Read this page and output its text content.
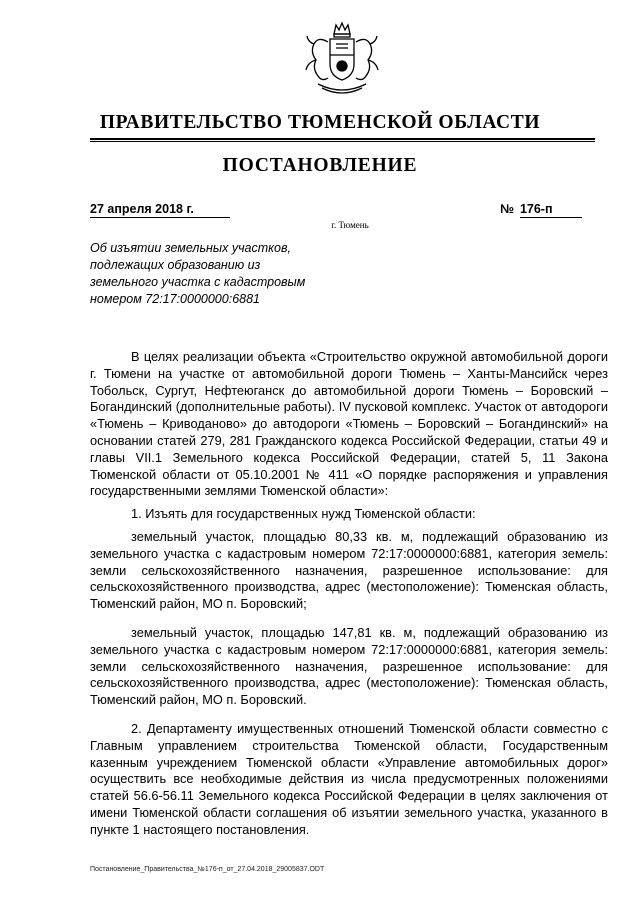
ПРАВИТЕЛЬСТВО ТЮМЕНСКОЙ ОБЛАСТИ
ПОСТАНОВЛЕНИЕ
27 апреля 2018 г.	№ 176-п
г. Тюмень
Об изъятии земельных участков,
подлежащих образованию из
земельного участка с кадастровым
номером 72:17:0000000:6881

В целях реализации объекта «Строительство окружной автомобильной дороги г. Тюмени на участке от автомобильной дороги Тюмень – Ханты-Мансийск через Тобольск, Сургут, Нефтеюганск до автомобильной дороги Тюмень – Боровский – Богандинский (дополнительные работы). IV пусковой комплекс. Участок от автодороги «Тюмень – Криводаново» до автодороги «Тюмень – Боровский – Богандинский» на основании статей 279, 281 Гражданского кодекса Российской Федерации, статьи 49 и главы VII.1 Земельного кодекса Российской Федерации, статей 5, 11 Закона Тюменской области от 05.10.2001 № 411 «О порядке распоряжения и управления государственными землями Тюменской области»:

1. Изъять для государственных нужд Тюменской области:

земельный участок, площадью 80,33 кв. м, подлежащий образованию из земельного участка с кадастровым номером 72:17:0000000:6881, категория земель: земли сельскохозяйственного назначения, разрешенное использование: для сельскохозяйственного производства, адрес (местоположение): Тюменская область, Тюменский район, МО п. Боровский;

земельный участок, площадью 147,81 кв. м, подлежащий образованию из земельного участка с кадастровым номером 72:17:0000000:6881, категория земель: земли сельскохозяйственного назначения, разрешенное использование: для сельскохозяйственного производства, адрес (местоположение): Тюменская область, Тюменский район, МО п. Боровский.

2. Департаменту имущественных отношений Тюменской области совместно с Главным управлением строительства Тюменской области, Государственным казенным учреждением Тюменской области «Управление автомобильных дорог» осуществить все необходимые действия из числа предусмотренных положениями статей 56.6-56.11 Земельного кодекса Российской Федерации в целях заключения от имени Тюменской области соглашения об изъятии земельного участка, указанного в пункте 1 настоящего постановления.

Постановление_Правительства_№176-п_от_27.04.2018_29005837.ODT
